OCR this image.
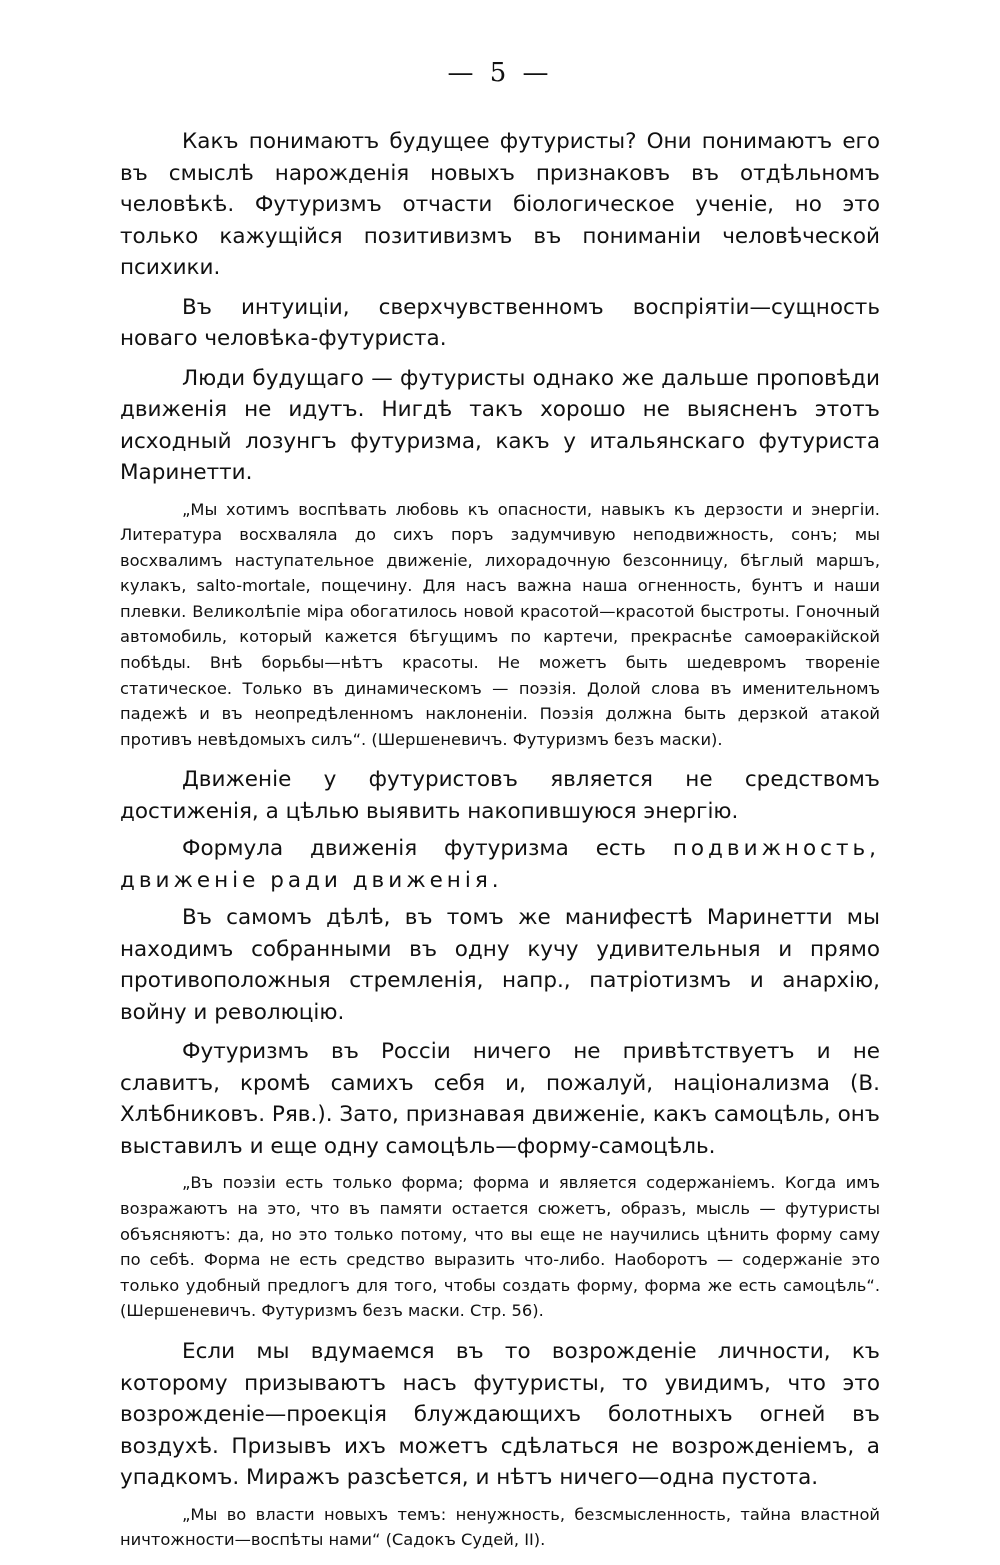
— 5 —

Какъ понимаютъ будущее футуристы? Они понимаютъ его въ смыслѣ нарожденія новыхъ признаковъ въ отдѣльномъ человѣкѣ. Футуризмъ отчасти біологическое ученіе, но это только кажущійся позитивизмъ въ пониманіи человѣческой психики.

Въ интуиціи, сверхчувственномъ воспріятіи—сущность новаго человѣка-футуриста.

Люди будущаго — футуристы однако же дальше проповѣди движенія не идутъ. Нигдѣ такъ хорошо не выясненъ этотъ исходный лозунгъ футуризма, какъ у итальянскаго футуриста Маринетти.

„Мы хотимъ воспѣвать любовь къ опасности, навыкъ къ дерзости и энергіи. Литература восхваляла до сихъ поръ задумчивую неподвижность, сонъ; мы восхвалимъ наступательное движеніе, лихорадочную безсонницу, бѣглый маршъ, кулакъ, salto-mortale, пощечину. Для насъ важна наша огненность, бунтъ и наши плевки. Великолѣпіе міра обогатилось новой красотой—красотой быстроты. Гоночный автомобиль, который кажется бѣгущимъ по картечи, прекраснѣе самоѳракійской побѣды. Внѣ борьбы—нѣтъ красоты. Не можетъ быть шедевромъ твореніе статическое. Только въ динамическомъ — поэзія. Долой слова въ именительномъ падежѣ и въ неопредѣленномъ наклоненіи. Поэзія должна быть дерзкой атакой противъ невѣдомыхъ силъ“. (Шершеневичъ. Футуризмъ безъ маски).

Движеніе у футуристовъ является не средствомъ достиженія, а цѣлью выявить накопившуюся энергію.

Формула движенія футуризма есть подвижность, движеніе ради движенія.

Въ самомъ дѣлѣ, въ томъ же манифестѣ Маринетти мы находимъ собранными въ одну кучу удивительныя и прямо противоположныя стремленія, напр., патріотизмъ и анархію, войну и революцію.

Футуризмъ въ Россіи ничего не привѣтствуетъ и не славитъ, кромѣ самихъ себя и, пожалуй, націонализма (В. Хлѣбниковъ. Ряв.). Зато, признавая движеніе, какъ самоцѣль, онъ выставилъ и еще одну самоцѣль—форму-самоцѣль.

„Въ поэзіи есть только форма; форма и является содержаніемъ. Когда имъ возражаютъ на это, что въ памяти остается сюжетъ, образъ, мысль — футуристы объясняютъ: да, но это только потому, что вы еще не научились цѣнить форму саму по себѣ. Форма не есть средство выразить что-либо. Наоборотъ — содержаніе это только удобный предлогъ для того, чтобы создать форму, форма же есть самоцѣль“. (Шершеневичъ. Футуризмъ безъ маски. Стр. 56).

Если мы вдумаемся въ то возрожденіе личности, къ которому призываютъ насъ футуристы, то увидимъ, что это возрожденіе—проекція блуждающихъ болотныхъ огней въ воздухѣ. Призывъ ихъ можетъ сдѣлаться не возрожденіемъ, а упадкомъ. Миражъ разсѣется, и нѣтъ ничего—одна пустота.

„Мы во власти новыхъ темъ: ненужность, безсмысленность, тайна властной ничтожности—воспѣты нами“ (Садокъ Судей, II).
